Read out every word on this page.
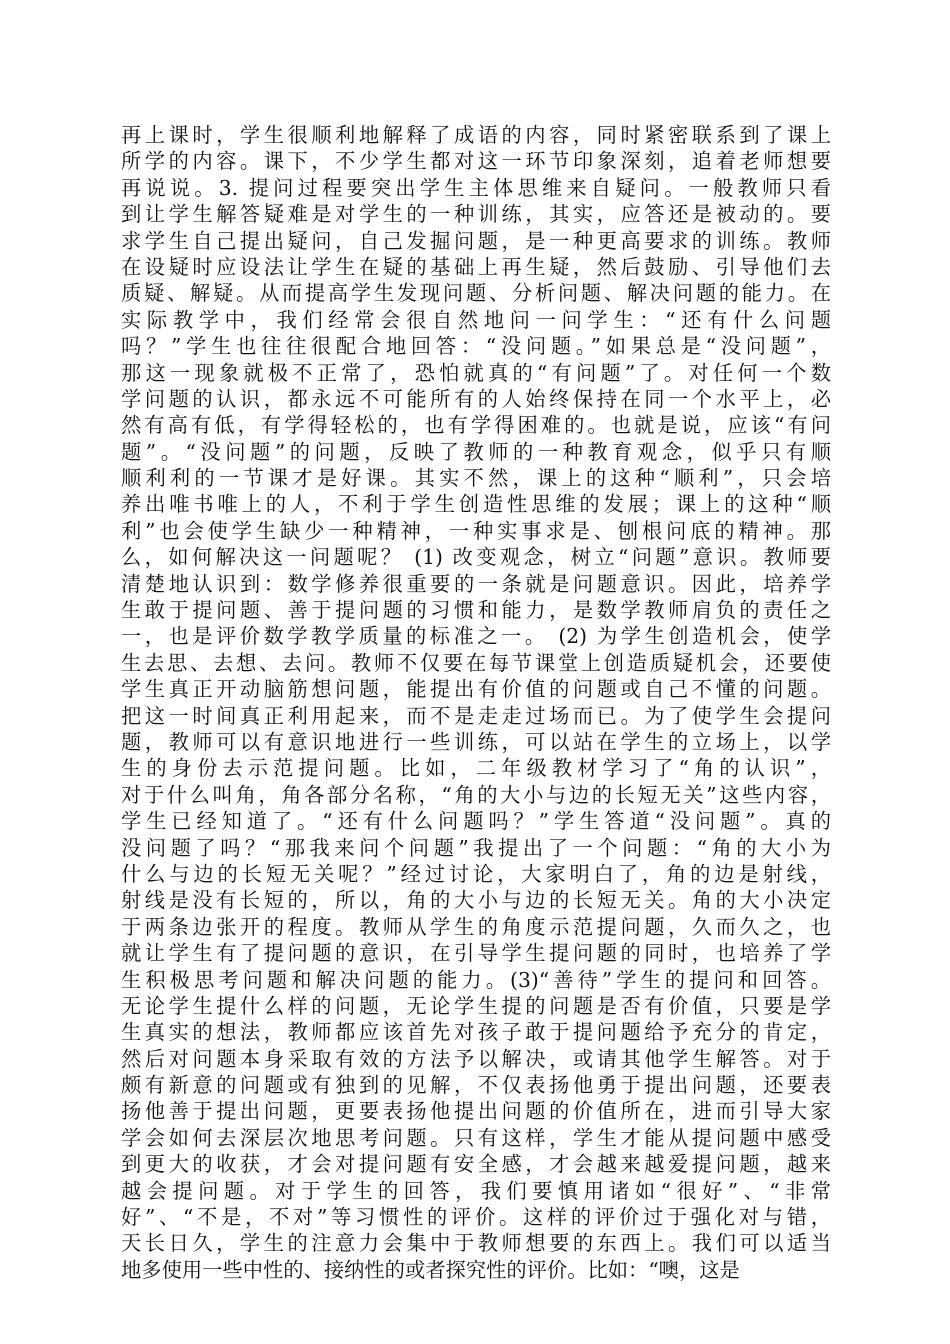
再上课时，学生很顺利地解释了成语的内容，同时紧密联系到了课上
所学的内容。课下，不少学生都对这一环节印象深刻，追着老师想要
再说说。3. 提问过程要突出学生主体思维来自疑问。一般教师只看
到让学生解答疑难是对学生的一种训练，其实，应答还是被动的。要
求学生自己提出疑问，自己发掘问题，是一种更高要求的训练。教师
在设疑时应设法让学生在疑的基础上再生疑，然后鼓励、引导他们去
质疑、解疑。从而提高学生发现问题、分析问题、解决问题的能力。在
实际教学中，我们经常会很自然地问一问学生：“还有什么问题
吗？”学生也往往很配合地回答：“没问题。”如果总是“没问题”，
那这一现象就极不正常了，恐怕就真的“有问题”了。对任何一个数
学问题的认识，都永远不可能所有的人始终保持在同一个水平上，必
然有高有低，有学得轻松的，也有学得困难的。也就是说，应该“有问
题”。“没问题”的问题，反映了教师的一种教育观念，似乎只有顺
顺利利的一节课才是好课。其实不然，课上的这种“顺利”，只会培
养出唯书唯上的人，不利于学生创造性思维的发展；课上的这种“顺
利”也会使学生缺少一种精神，一种实事求是、刨根问底的精神。那
么，如何解决这一问题呢？ (1) 改变观念，树立“问题”意识。教师要
清楚地认识到：数学修养很重要的一条就是问题意识。因此，培养学
生敢于提问题、善于提问题的习惯和能力，是数学教师肩负的责任之
一，也是评价数学教学质量的标准之一。 (2) 为学生创造机会，使学
生去思、去想、去问。教师不仅要在每节课堂上创造质疑机会，还要使
学生真正开动脑筋想问题，能提出有价值的问题或自己不懂的问题。
把这一时间真正利用起来，而不是走走过场而已。为了使学生会提问
题，教师可以有意识地进行一些训练，可以站在学生的立场上，以学
生的身份去示范提问题。比如，二年级教材学习了“角的认识”，
对于什么叫角，角各部分名称，“角的大小与边的长短无关”这些内容，
学生已经知道了。“还有什么问题吗？”学生答道“没问题”。真的
没问题了吗？“那我来问个问题”我提出了一个问题：“角的大小为
什么与边的长短无关呢？”经过讨论，大家明白了，角的边是射线，
射线是没有长短的，所以，角的大小与边的长短无关。角的大小决定
于两条边张开的程度。教师从学生的角度示范提问题，久而久之，也
就让学生有了提问题的意识，在引导学生提问题的同时，也培养了学
生积极思考问题和解决问题的能力。(3)“善待”学生的提问和回答。
无论学生提什么样的问题，无论学生提的问题是否有价值，只要是学
生真实的想法，教师都应该首先对孩子敢于提问题给予充分的肯定，
然后对问题本身采取有效的方法予以解决，或请其他学生解答。对于
颇有新意的问题或有独到的见解，不仅表扬他勇于提出问题，还要表
扬他善于提出问题，更要表扬他提出问题的价值所在，进而引导大家
学会如何去深层次地思考问题。只有这样，学生才能从提问题中感受
到更大的收获，才会对提问题有安全感，才会越来越爱提问题，越来
越会提问题。对于学生的回答，我们要慎用诸如“很好”、“非常
好”、“不是，不对”等习惯性的评价。这样的评价过于强化对与错，
天长日久，学生的注意力会集中于教师想要的东西上。我们可以适当
地多使用一些中性的、接纳性的或者探究性的评价。比如：“噢，这是
